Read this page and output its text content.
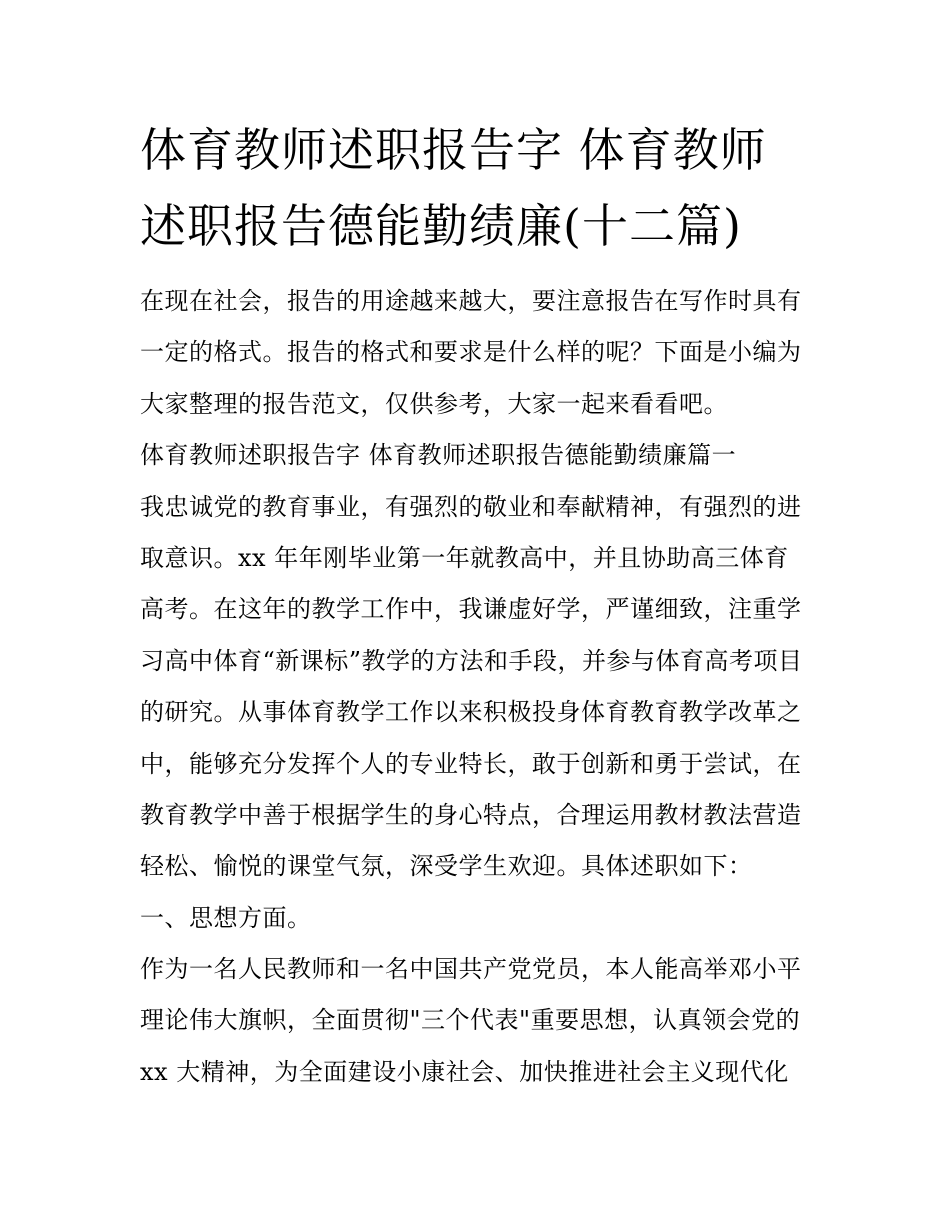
体育教师述职报告字 体育教师
述职报告德能勤绩廉(十二篇)
在现在社会，报告的用途越来越大，要注意报告在写作时具有
一定的格式。报告的格式和要求是什么样的呢？下面是小编为
大家整理的报告范文，仅供参考，大家一起来看看吧。
体育教师述职报告字 体育教师述职报告德能勤绩廉篇一
我忠诚党的教育事业，有强烈的敬业和奉献精神，有强烈的进
取意识。xx 年年刚毕业第一年就教高中，并且协助高三体育
高考。在这年的教学工作中，我谦虚好学，严谨细致，注重学
习高中体育“新课标”教学的方法和手段，并参与体育高考项目
的研究。从事体育教学工作以来积极投身体育教育教学改革之
中，能够充分发挥个人的专业特长，敢于创新和勇于尝试，在
教育教学中善于根据学生的身心特点，合理运用教材教法营造
轻松、愉悦的课堂气氛，深受学生欢迎。具体述职如下：
一、思想方面。
作为一名人民教师和一名中国共产党党员，本人能高举邓小平
理论伟大旗帜，全面贯彻"三个代表"重要思想，认真领会党的
xx 大精神，为全面建设小康社会、加快推进社会主义现代化
